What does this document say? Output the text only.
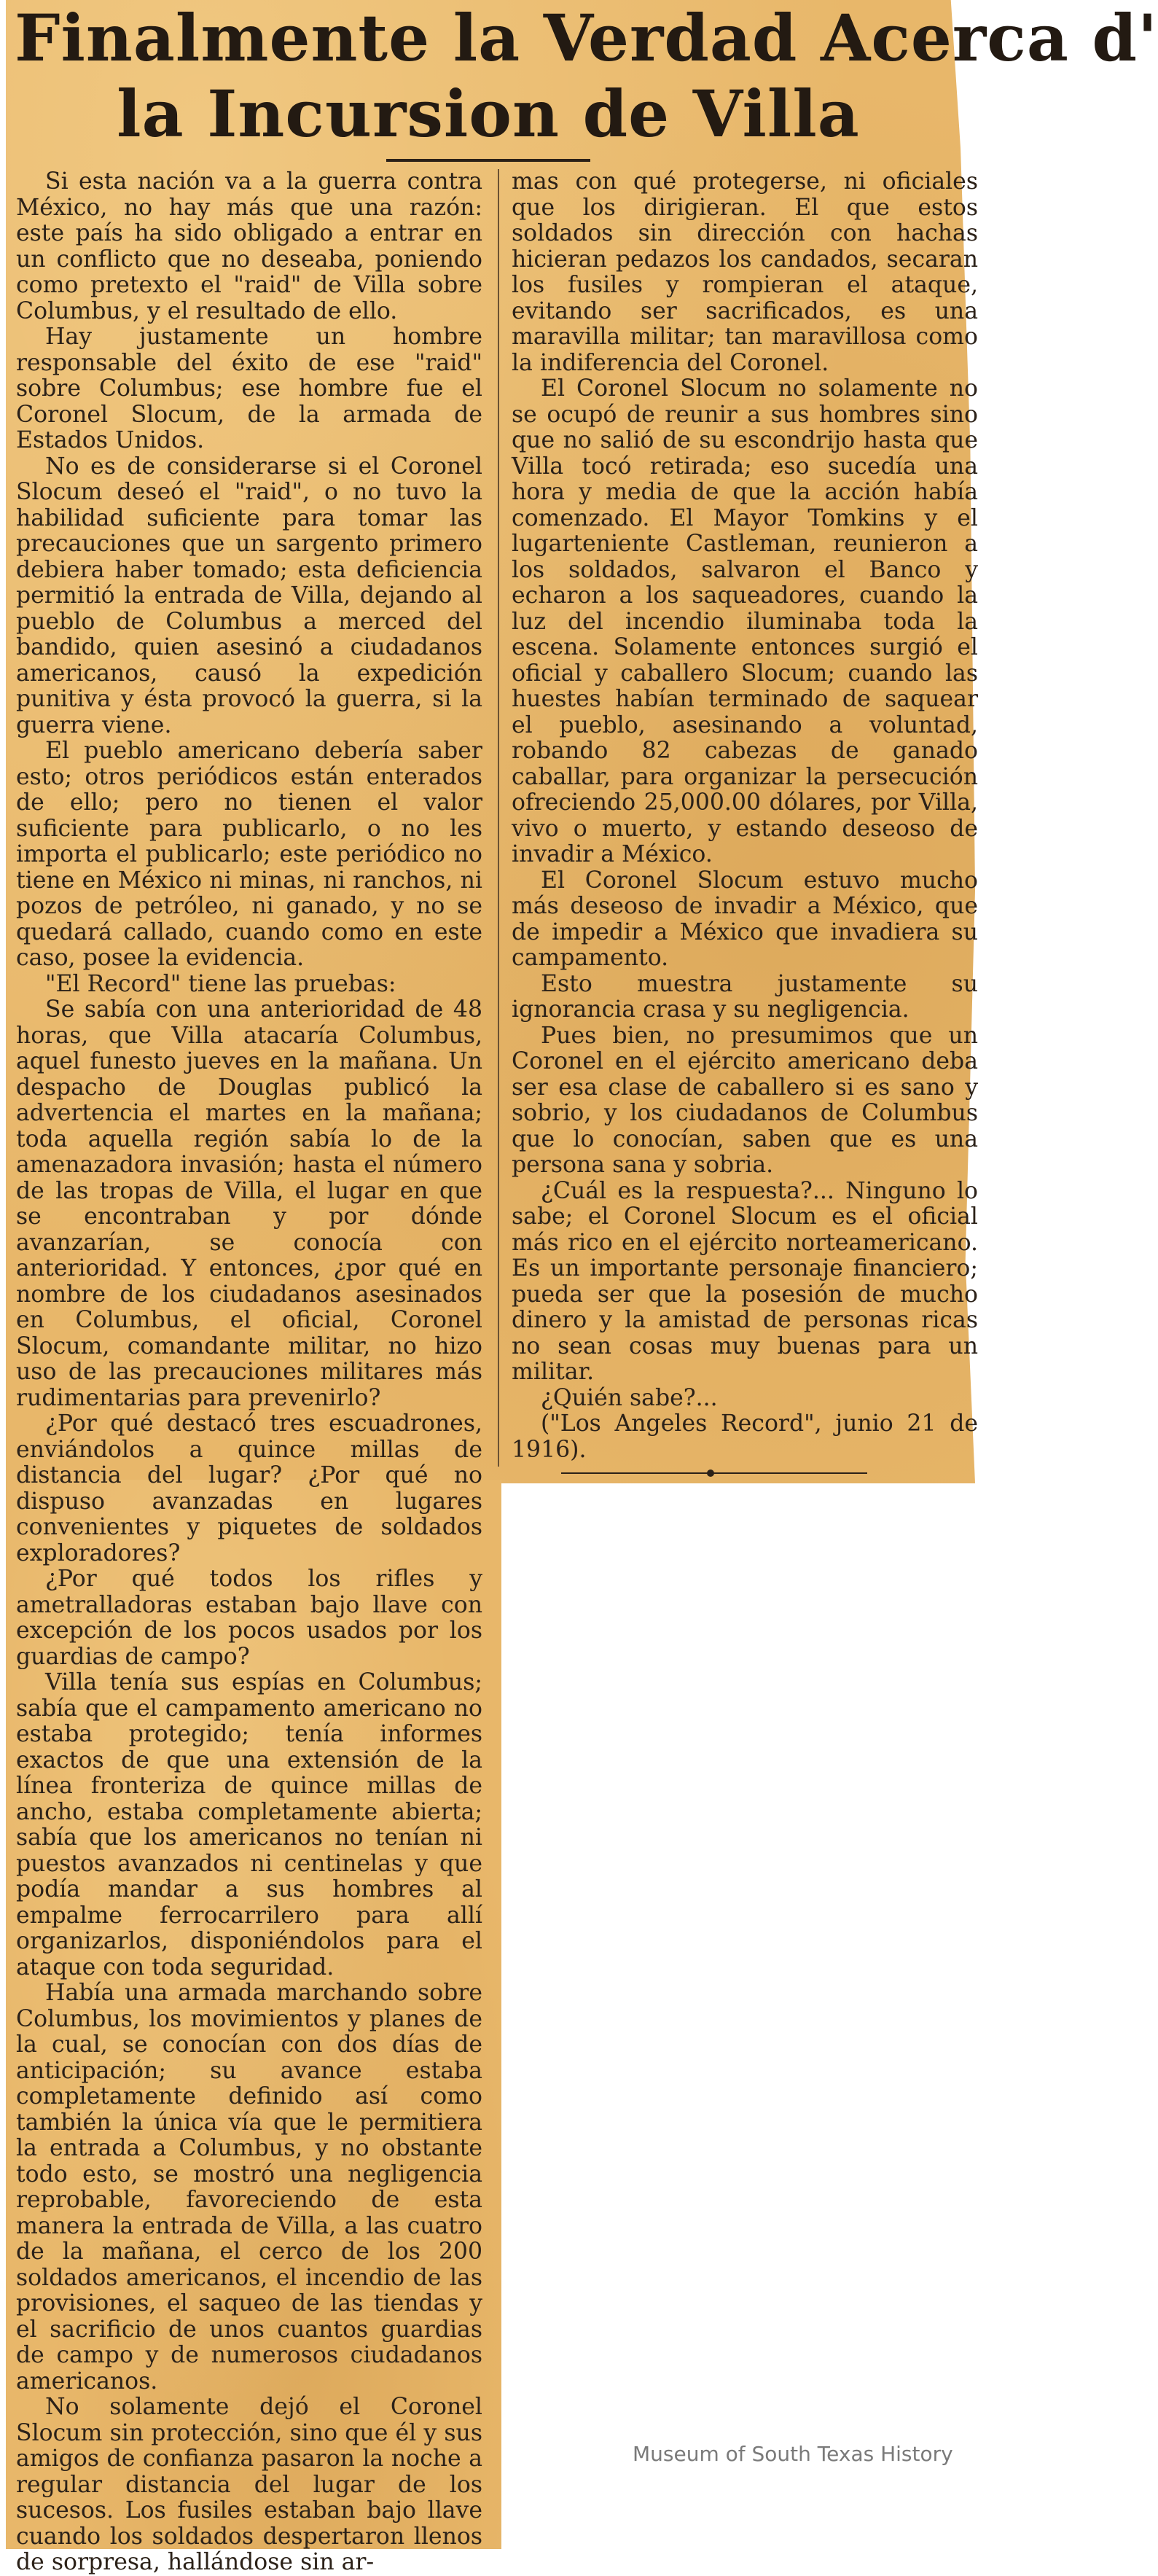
Finalmente la Verdad Acerca d'
la Incursion de Villa

Si esta nación va a la guerra contra México, no hay más que una razón: este país ha sido obligado a entrar en un conflicto que no deseaba, poniendo como pretexto el "raid" de Villa sobre Columbus, y el resultado de ello.

Hay justamente un hombre responsable del éxito de ese "raid" sobre Columbus; ese hombre fue el Coronel Slocum, de la armada de Estados Unidos.

No es de considerarse si el Coronel Slocum deseó el "raid", o no tuvo la habilidad suficiente para tomar las precauciones que un sargento primero debiera haber tomado; esta deficiencia permitió la entrada de Villa, dejando al pueblo de Columbus a merced del bandido, quien asesinó a ciudadanos americanos, causó la expedición punitiva y ésta provocó la guerra, si la guerra viene.

El pueblo americano debería saber esto; otros periódicos están enterados de ello; pero no tienen el valor suficiente para publicarlo, o no les importa el publicarlo; este periódico no tiene en México ni minas, ni ranchos, ni pozos de petróleo, ni ganado, y no se quedará callado, cuando como en este caso, posee la evidencia.

"El Record" tiene las pruebas:

Se sabía con una anterioridad de 48 horas, que Villa atacaría Columbus, aquel funesto jueves en la mañana. Un despacho de Douglas publicó la advertencia el martes en la mañana; toda aquella región sabía lo de la amenazadora invasión; hasta el número de las tropas de Villa, el lugar en que se encontraban y por dónde avanzarían, se conocía con anterioridad. Y entonces, ¿por qué en nombre de los ciudadanos asesinados en Columbus, el oficial, Coronel Slocum, comandante militar, no hizo uso de las precauciones militares más rudimentarias para prevenirlo?

¿Por qué destacó tres escuadrones, enviándolos a quince millas de distancia del lugar? ¿Por qué no dispuso avanzadas en lugares convenientes y piquetes de soldados exploradores?

¿Por qué todos los rifles y ametralladoras estaban bajo llave con excepción de los pocos usados por los guardias de campo?

Villa tenía sus espías en Columbus; sabía que el campamento americano no estaba protegido; tenía informes exactos de que una extensión de la línea fronteriza de quince millas de ancho, estaba completamente abierta; sabía que los americanos no tenían ni puestos avanzados ni centinelas y que podía mandar a sus hombres al empalme ferrocarrilero para allí organizarlos, disponiéndolos para el ataque con toda seguridad.

Había una armada marchando sobre Columbus, los movimientos y planes de la cual, se conocían con dos días de anticipación; su avance estaba completamente definido así como también la única vía que le permitiera la entrada a Columbus, y no obstante todo esto, se mostró una negligencia reprobable, favoreciendo de esta manera la entrada de Villa, a las cuatro de la mañana, el cerco de los 200 soldados americanos, el incendio de las provisiones, el saqueo de las tiendas y el sacrificio de unos cuantos guardias de campo y de numerosos ciudadanos americanos.

No solamente dejó el Coronel Slocum sin protección, sino que él y sus amigos de confianza pasaron la noche a regular distancia del lugar de los sucesos. Los fusiles estaban bajo llave cuando los soldados despertaron llenos de sorpresa, hallándose sin ar-

mas con qué protegerse, ni oficiales que los dirigieran. El que estos soldados sin dirección con hachas hicieran pedazos los candados, secaran los fusiles y rompieran el ataque, evitando ser sacrificados, es una maravilla militar; tan maravillosa como la indiferencia del Coronel.

El Coronel Slocum no solamente no se ocupó de reunir a sus hombres sino que no salió de su escondrijo hasta que Villa tocó retirada; eso sucedía una hora y media de que la acción había comenzado. El Mayor Tomkins y el lugarteniente Castleman, reunieron a los soldados, salvaron el Banco y echaron a los saqueadores, cuando la luz del incendio iluminaba toda la escena. Solamente entonces surgió el oficial y caballero Slocum; cuando las huestes habían terminado de saquear el pueblo, asesinando a voluntad, robando 82 cabezas de ganado caballar, para organizar la persecución ofreciendo 25,000.00 dólares, por Villa, vivo o muerto, y estando deseoso de invadir a México.

El Coronel Slocum estuvo mucho más deseoso de invadir a México, que de impedir a México que invadiera su campamento.

Esto muestra justamente su ignorancia crasa y su negligencia.

Pues bien, no presumimos que un Coronel en el ejército americano deba ser esa clase de caballero si es sano y sobrio, y los ciudadanos de Columbus que lo conocían, saben que es una persona sana y sobria.

¿Cuál es la respuesta?... Ninguno lo sabe; el Coronel Slocum es el oficial más rico en el ejército norteamericano. Es un importante personaje financiero; pueda ser que la posesión de mucho dinero y la amistad de personas ricas no sean cosas muy buenas para un militar.

¿Quién sabe?...

("Los Angeles Record", junio 21 de 1916).

Museum of South Texas History
